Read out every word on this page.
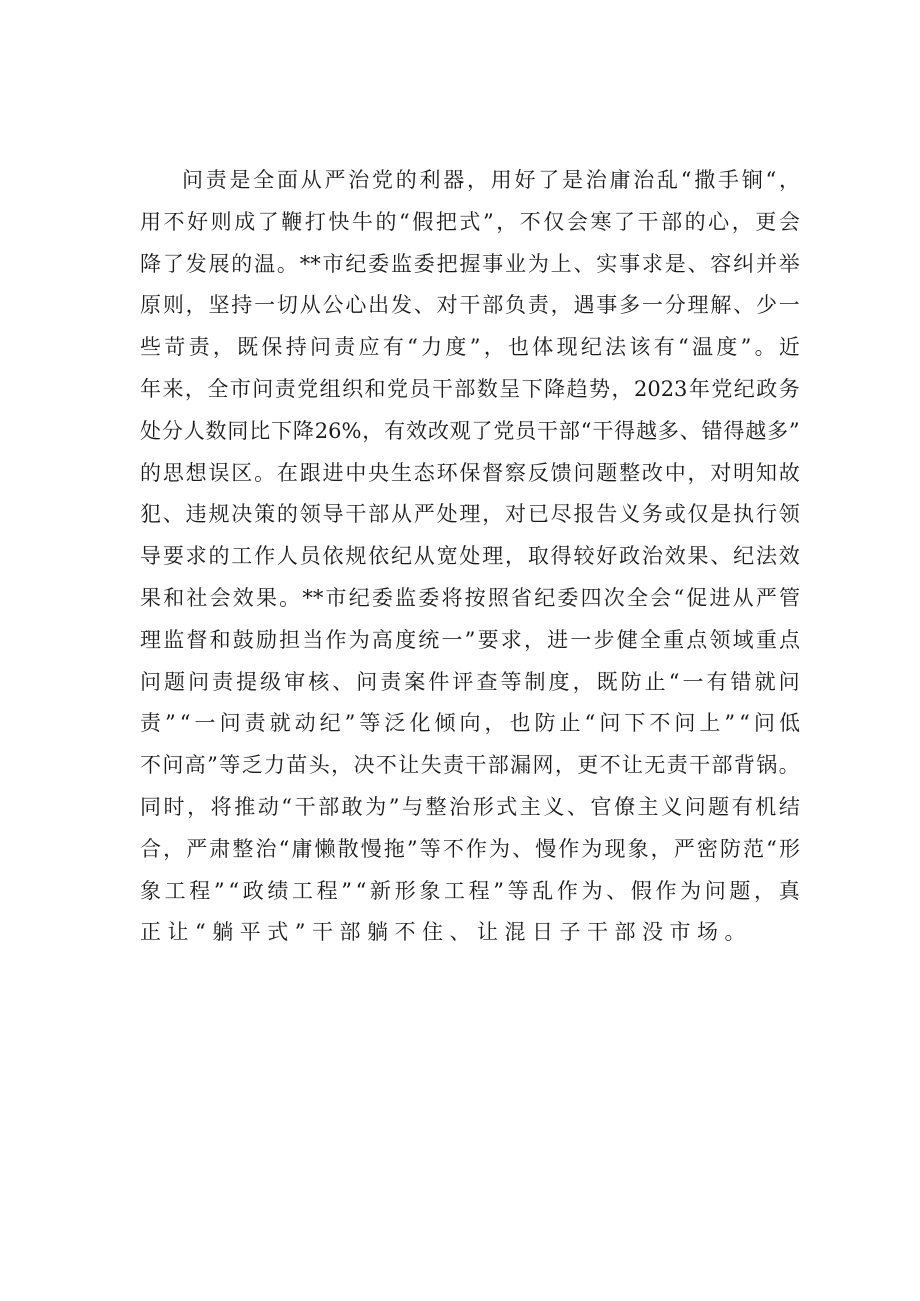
问 责 是 全 面 从 严 治 党 的 利 器 ， 用 好 了 是 治 庸 治 乱 “ 撒 手 锏 “ ，
用 不 好 则 成 了 鞭 打 快 牛 的 “ 假 把 式 ” ， 不 仅 会 寒 了 干 部 的 心 ， 更 会
降 了 发 展 的 温 。 ** 市 纪 委 监 委 把 握 事 业 为 上 、 实 事 求 是 、 容 纠 并 举
原 则 ， 坚 持 一 切 从 公 心 出 发 、 对 干 部 负 责 ， 遇 事 多 一 分 理 解 、 少 一
些 苛 责 ， 既 保 持 问 责 应 有 “ 力 度 ” ， 也 体 现 纪 法 该 有 “ 温 度 ” 。 近
年 来 ， 全 市 问 责 党 组 织 和 党 员 干 部 数 呈 下 降 趋 势 ， 2023 年 党 纪 政 务
处 分 人 数 同 比 下 降 26% ， 有 效 改 观 了 党 员 干 部 “ 干 得 越 多 、 错 得 越 多 ”
的 思 想 误 区 。 在 跟 进 中 央 生 态 环 保 督 察 反 馈 问 题 整 改 中 ， 对 明 知 故
犯 、 违 规 决 策 的 领 导 干 部 从 严 处 理 ， 对 已 尽 报 告 义 务 或 仅 是 执 行 领
导 要 求 的 工 作 人 员 依 规 依 纪 从 宽 处 理 ， 取 得 较 好 政 治 效 果 、 纪 法 效
果 和 社 会 效 果 。 ** 市 纪 委 监 委 将 按 照 省 纪 委 四 次 全 会 “ 促 进 从 严 管
理 监 督 和 鼓 励 担 当 作 为 高 度 统 一 ” 要 求 ， 进 一 步 健 全 重 点 领 域 重 点
问 题 问 责 提 级 审 核 、 问 责 案 件 评 查 等 制 度 ， 既 防 止 “ 一 有 错 就 问
责 ” “ 一 问 责 就 动 纪 ” 等 泛 化 倾 向 ， 也 防 止 “ 问 下 不 问 上 ” “ 问 低
不 问 高 ” 等 乏 力 苗 头 ， 决 不 让 失 责 干 部 漏 网 ， 更 不 让 无 责 干 部 背 锅 。
同 时 ， 将 推 动 “ 干 部 敢 为 ” 与 整 治 形 式 主 义 、 官 僚 主 义 问 题 有 机 结
合 ， 严 肃 整 治 “ 庸 懒 散 慢 拖 ” 等 不 作 为 、 慢 作 为 现 象 ， 严 密 防 范 “ 形
象 工 程 ” “ 政 绩 工 程 ” “ 新 形 象 工 程 ” 等 乱 作 为 、 假 作 为 问 题 ， 真
正让“躺平式”干部躺不住、让混日子干部没市场。
